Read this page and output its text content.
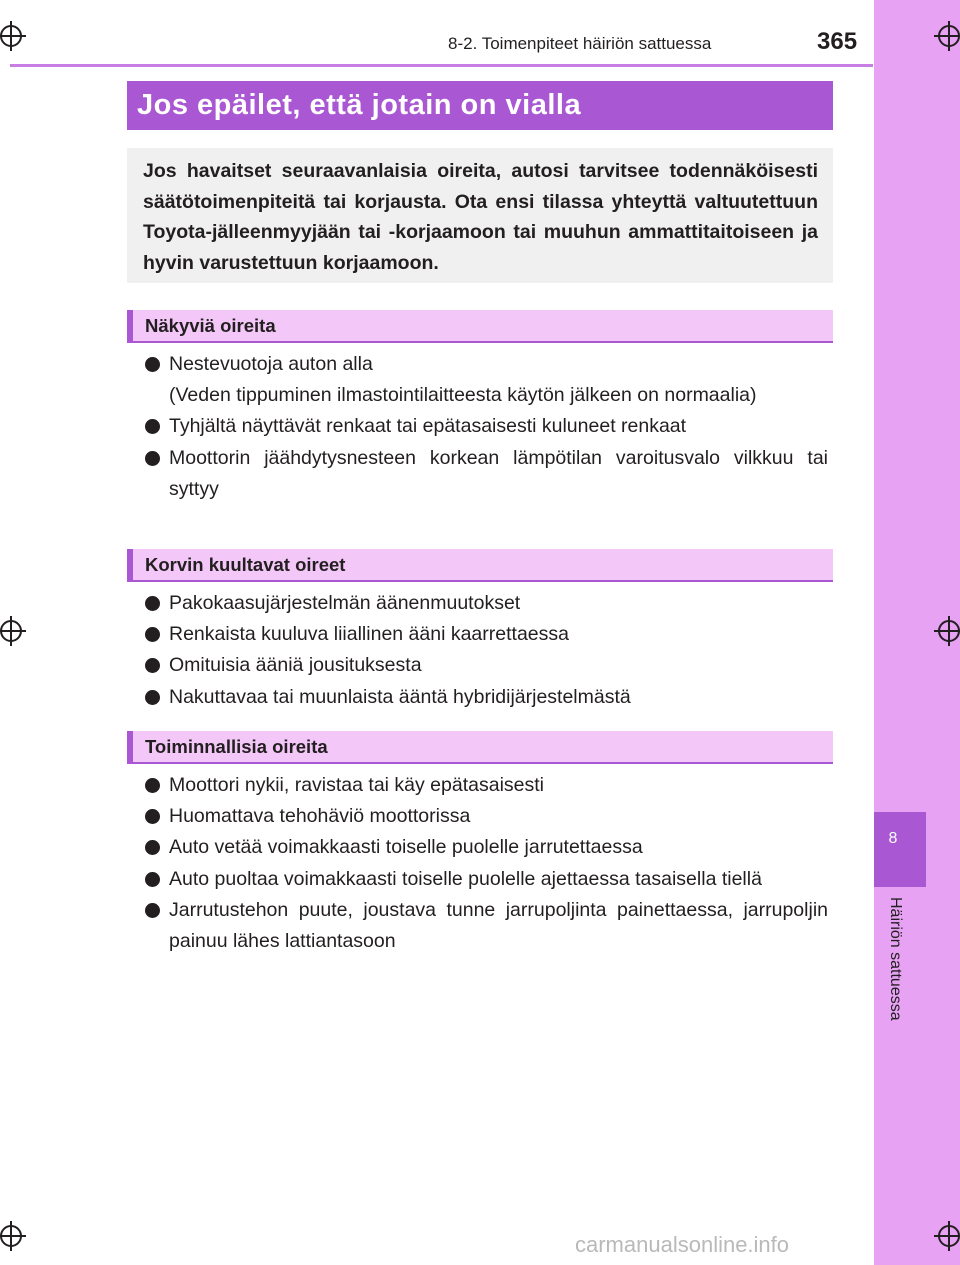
8
Häiriön sattuessa
8-2. Toimenpiteet häiriön sattuessa	365
Jos epäilet, että jotain on vialla

Jos havaitset seuraavanlaisia oireita, autosi tarvitsee todennäköisesti säätötoimenpiteitä tai korjausta. Ota ensi tilassa yhteyttä valtuutettuun Toyota-jälleenmyyjään tai -korjaamoon tai muuhun ammattitaitoiseen ja hyvin varustettuun korjaamoon.

Näkyviä oireita
Nestevuotoja auton alla
(Veden tippuminen ilmastointilaitteesta käytön jälkeen on normaalia)
Tyhjältä näyttävät renkaat tai epätasaisesti kuluneet renkaat
Moottorin jäähdytysnesteen korkean lämpötilan varoitusvalo vilkkuu tai syttyy
Korvin kuultavat oireet
Pakokaasujärjestelmän äänenmuutokset
Renkaista kuuluva liiallinen ääni kaarrettaessa
Omituisia ääniä jousituksesta
Nakuttavaa tai muunlaista ääntä hybridijärjestelmästä
Toiminnallisia oireita
Moottori nykii, ravistaa tai käy epätasaisesti
Huomattava tehohäviö moottorissa
Auto vetää voimakkaasti toiselle puolelle jarrutettaessa
Auto puoltaa voimakkaasti toiselle puolelle ajettaessa tasaisella tiellä
Jarrutustehon puute, joustava tunne jarrupoljinta painettaessa, jarrupoljin painuu lähes lattiantasoon
carmanualsonline.info
